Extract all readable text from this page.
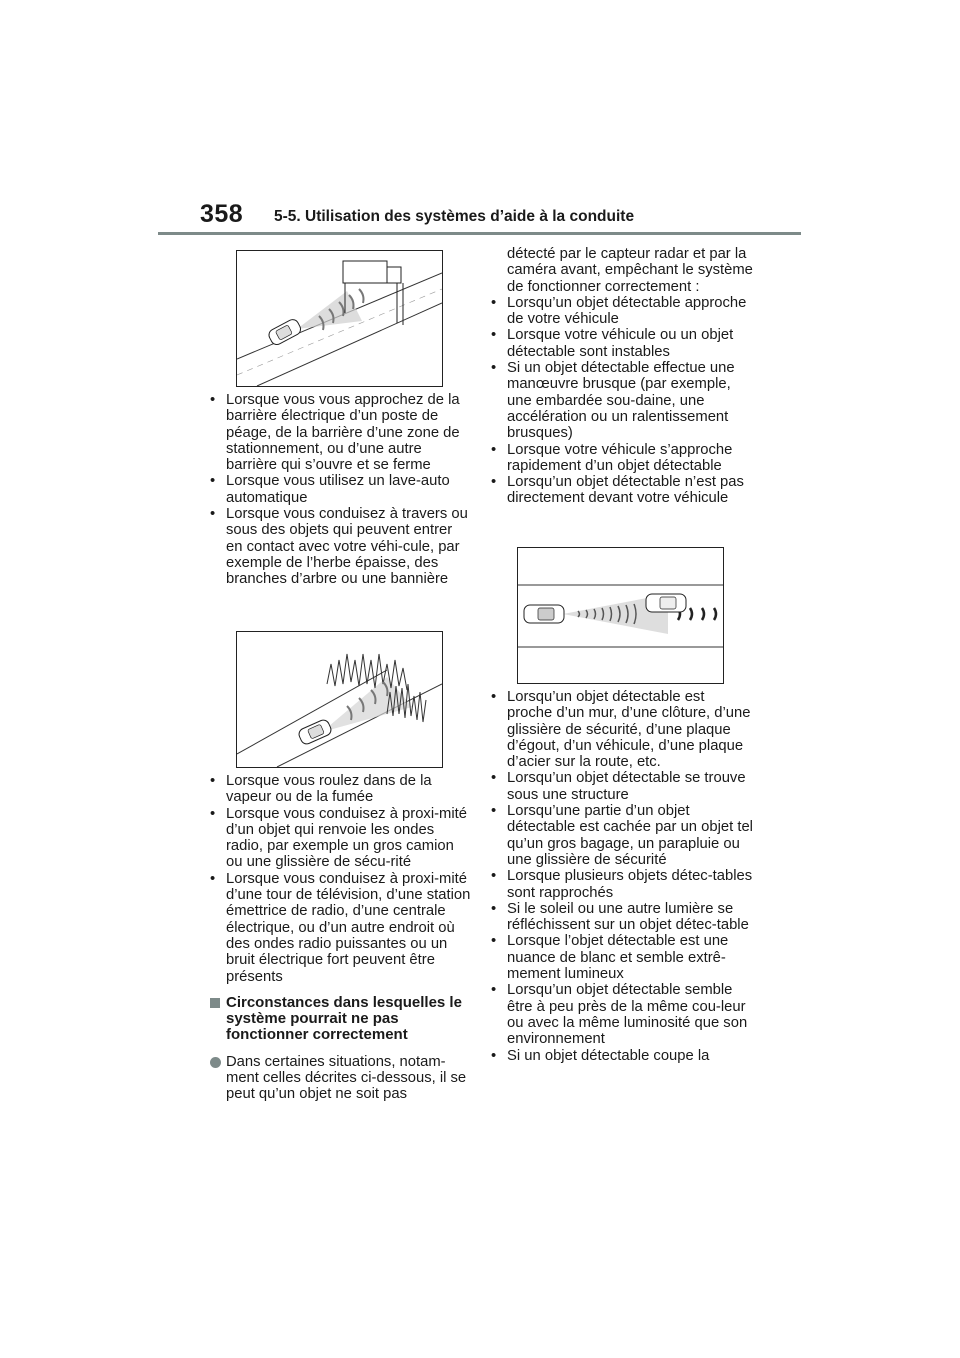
358 5-5. Utilisation des systèmes d’aide à la conduite
• Lorsque vous vous approchez de la barrière électrique d’un poste de péage, de la barrière d’une zone de stationnement, ou d’une autre barrière qui s’ouvre et se ferme
• Lorsque vous utilisez un lave-auto automatique
• Lorsque vous conduisez à travers ou sous des objets qui peuvent entrer en contact avec votre véhi-cule, par exemple de l’herbe épaisse, des branches d’arbre ou une bannière
• Lorsque vous roulez dans de la vapeur ou de la fumée
• Lorsque vous conduisez à proxi-mité d’un objet qui renvoie les ondes radio, par exemple un gros camion ou une glissière de sécu-rité
• Lorsque vous conduisez à proxi-mité d’une tour de télévision, d’une station émettrice de radio, d’une centrale électrique, ou d’un autre endroit où des ondes radio puissantes ou un bruit électrique fort peuvent être présents
Circonstances dans lesquelles le système pourrait ne pas fonctionner correctement
Dans certaines situations, notam-ment celles décrites ci-dessous, il se peut qu’un objet ne soit pas
détecté par le capteur radar et par la caméra avant, empêchant le système de fonctionner correctement :
• Lorsqu’un objet détectable approche de votre véhicule
• Lorsque votre véhicule ou un objet détectable sont instables
• Si un objet détectable effectue une manœuvre brusque (par exemple, une embardée sou-daine, une accélération ou un ralentissement brusques)
• Lorsque votre véhicule s’approche rapidement d’un objet détectable
• Lorsqu’un objet détectable n’est pas directement devant votre véhicule
• Lorsqu’un objet détectable est proche d’un mur, d’une clôture, d’une glissière de sécurité, d’une plaque d’égout, d’un véhicule, d’une plaque d’acier sur la route, etc.
• Lorsqu’un objet détectable se trouve sous une structure
• Lorsqu’une partie d’un objet détectable est cachée par un objet tel qu’un gros bagage, un parapluie ou une glissière de sécurité
• Lorsque plusieurs objets détec-tables sont rapprochés
• Si le soleil ou une autre lumière se réfléchissent sur un objet détec-table
• Lorsque l’objet détectable est une nuance de blanc et semble extrê-mement lumineux
• Lorsqu’un objet détectable semble être à peu près de la même cou-leur ou avec la même luminosité que son environnement
• Si un objet détectable coupe la
